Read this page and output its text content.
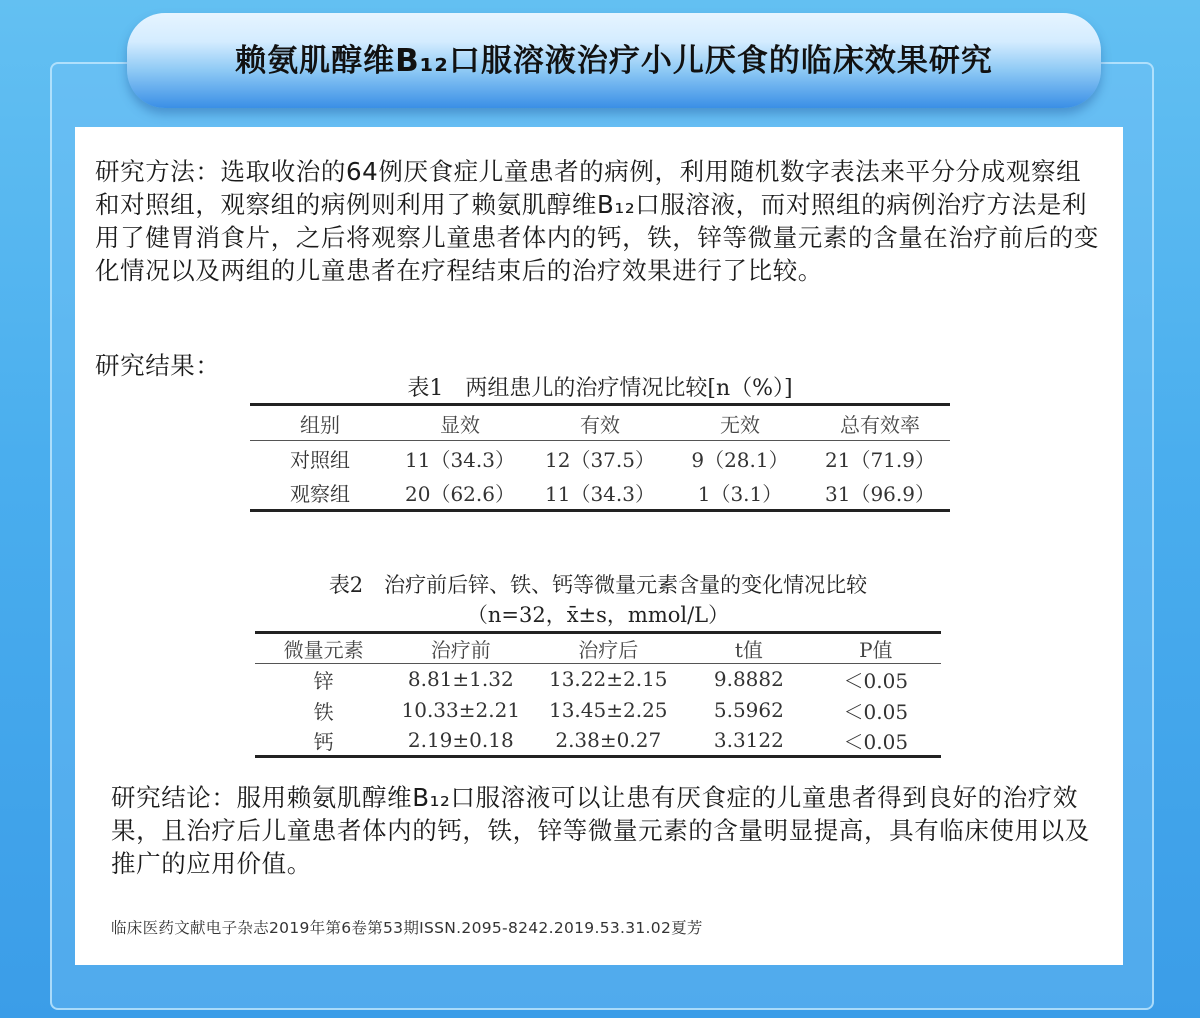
赖氨肌醇维B₁₂口服溶液治疗小儿厌食的临床效果研究
研究方法：选取收治的64例厌食症儿童患者的病例，利用随机数字表法来平分分成观察组和对照组，观察组的病例则利用了赖氨肌醇维B₁₂口服溶液，而对照组的病例治疗方法是利用了健胃消食片，之后将观察儿童患者体内的钙，铁，锌等微量元素的含量在治疗前后的变化情况以及两组的儿童患者在疗程结束后的治疗效果进行了比较。
研究结果：
表1　两组患儿的治疗情况比较[n（%）]
组别	显效	有效	无效	总有效率
对照组	11（34.3）	12（37.5）	9（28.1）	21（71.9）
观察组	20（62.6）	11（34.3）	1（3.1）	31（96.9）
表2　治疗前后锌、铁、钙等微量元素含量的变化情况比较
（n=32，x̄±s，mmol/L）
微量元素	治疗前	治疗后	t值	P值
锌	8.81±1.32	13.22±2.15	9.8882	＜0.05
铁	10.33±2.21	13.45±2.25	5.5962	＜0.05
钙	2.19±0.18	2.38±0.27	3.3122	＜0.05
研究结论：服用赖氨肌醇维B₁₂口服溶液可以让患有厌食症的儿童患者得到良好的治疗效果，且治疗后儿童患者体内的钙，铁，锌等微量元素的含量明显提高，具有临床使用以及推广的应用价值。
临床医药文献电子杂志2019年第6卷第53期ISSN.2095-8242.2019.53.31.02夏芳
